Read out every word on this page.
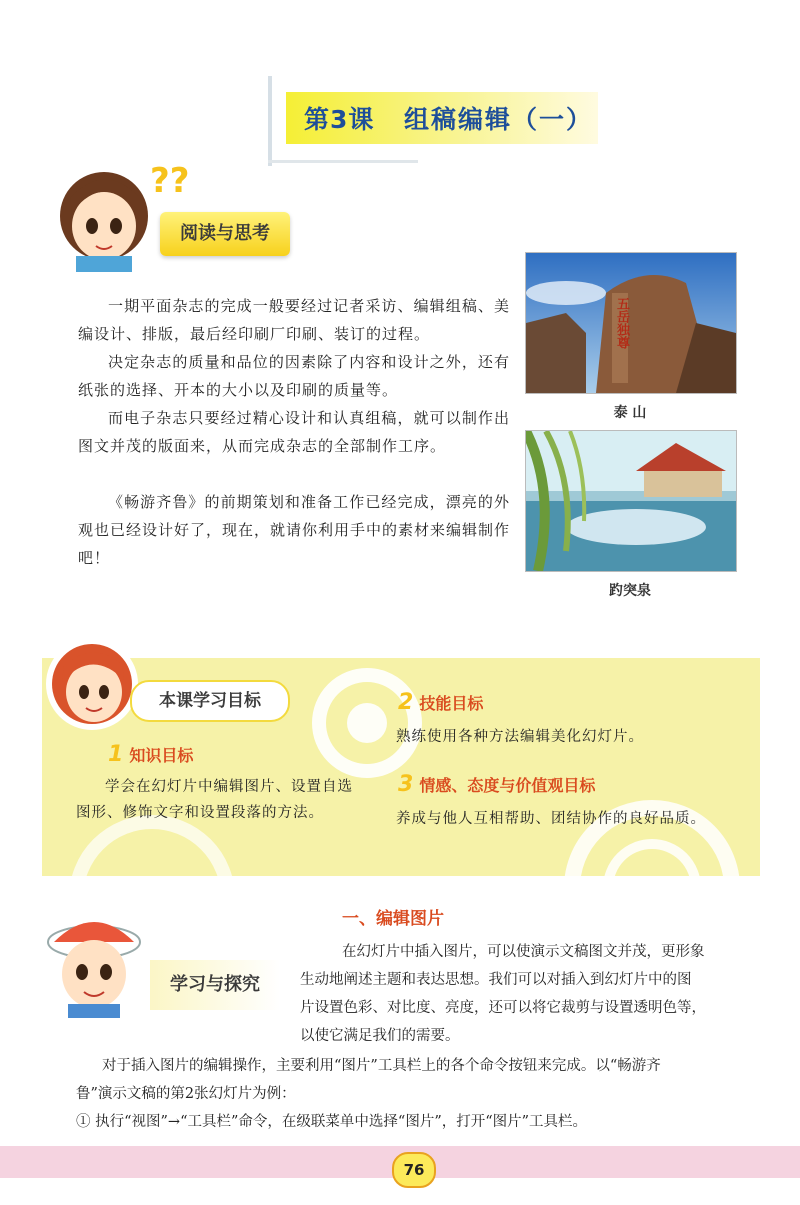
第3课 组稿编辑（一）
??
阅读与思考
一期平面杂志的完成一般要经过记者采访、编辑组稿、美编设计、排版，最后经印刷厂印刷、装订的过程。
决定杂志的质量和品位的因素除了内容和设计之外，还有纸张的选择、开本的大小以及印刷的质量等。
而电子杂志只要经过精心设计和认真组稿，就可以制作出图文并茂的版面来，从而完成杂志的全部制作工序。
《畅游齐鲁》的前期策划和准备工作已经完成，漂亮的外观也已经设计好了，现在，就请你利用手中的素材来编辑制作吧！
五岳独尊
泰 山
趵突泉
本课学习目标
1 知识目标
学会在幻灯片中编辑图片、设置自选图形、修饰文字和设置段落的方法。
2 技能目标
熟练使用各种方法编辑美化幻灯片。
3 情感、态度与价值观目标
养成与他人互相帮助、团结协作的良好品质。
一、编辑图片
学习与探究
在幻灯片中插入图片，可以使演示文稿图文并茂，更形象
生动地阐述主题和表达思想。我们可以对插入到幻灯片中的图
片设置色彩、对比度、亮度，还可以将它裁剪与设置透明色等，
以使它满足我们的需要。
对于插入图片的编辑操作，主要利用“图片”工具栏上的各个命令按钮来完成。以“畅游齐
鲁”演示文稿的第2张幻灯片为例：
① 执行“视图”→“工具栏”命令，在级联菜单中选择“图片”，打开“图片”工具栏。
76
